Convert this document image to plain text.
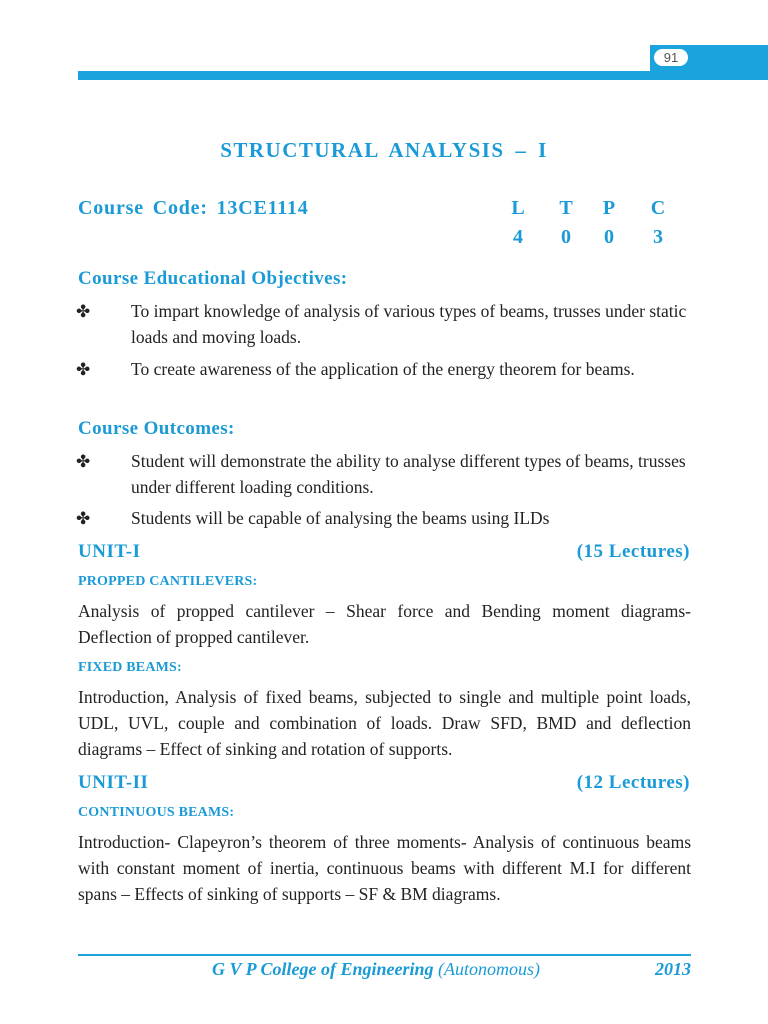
91
STRUCTURAL ANALYSIS – I
Course Code: 13CE1114	L	T	P	C
4	0	0	3
Course Educational Objectives:
✤	To impart knowledge of analysis of various types of beams, trusses under static loads and moving loads.
✤	To create awareness of the application of the energy theorem for beams.
Course Outcomes:
✤	Student will demonstrate the ability to analyse different types of beams, trusses under different loading conditions.
✤	Students will be capable of analysing the beams using ILDs
UNIT-I	(15 Lectures)
PROPPED CANTILEVERS:
Analysis of propped cantilever – Shear force and Bending moment diagrams-Deflection of propped cantilever.
FIXED BEAMS:
Introduction, Analysis of fixed beams, subjected to single and multiple point loads, UDL, UVL, couple and combination of loads. Draw SFD, BMD and deflection diagrams – Effect of sinking and rotation of supports.
UNIT-II	(12 Lectures)
CONTINUOUS BEAMS:
Introduction- Clapeyron’s theorem of three moments- Analysis of continuous beams with constant moment of inertia, continuous beams with different M.I for different spans – Effects of sinking of supports – SF & BM diagrams.
G V P College of Engineering (Autonomous)	2013
